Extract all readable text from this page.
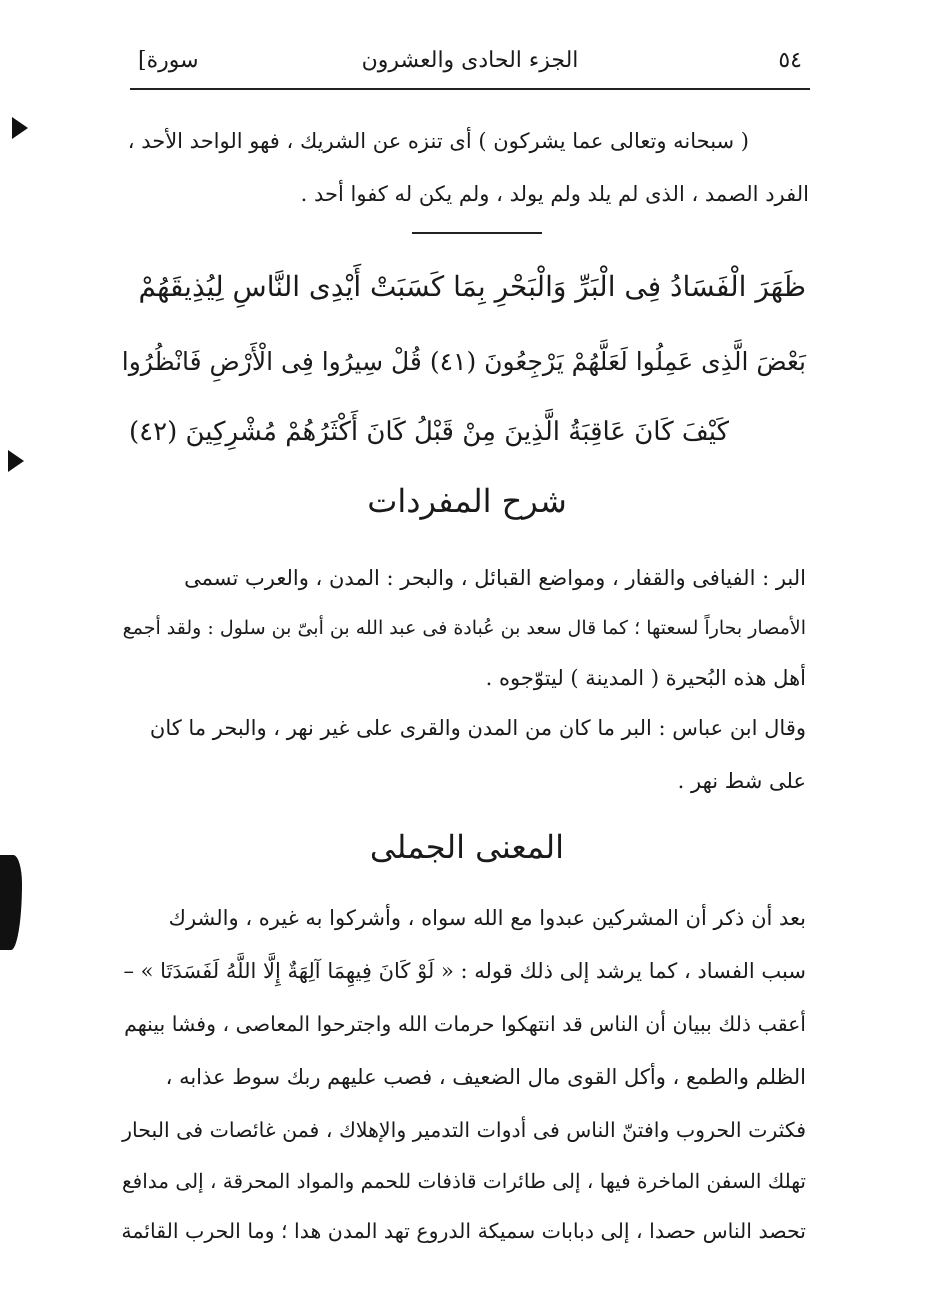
[سورة	الجزء الحادى والعشرون	٥٤
( سبحانه وتعالى عما يشركون ) أى تنزه عن الشريك ، فهو الواحد الأحد ،
الفرد الصمد ، الذى لم يلد ولم يولد ، ولم يكن له كفوا أحد .
ظَهَرَ الْفَسَادُ فِى الْبَرِّ وَالْبَحْرِ بِمَا كَسَبَتْ أَيْدِى النَّاسِ لِيُذِيقَهُمْ
بَعْضَ الَّذِى عَمِلُوا لَعَلَّهُمْ يَرْجِعُونَ (٤١) قُلْ سِيرُوا فِى الْأَرْضِ فَانْظُرُوا
كَيْفَ كَانَ عَاقِبَةُ الَّذِينَ مِنْ قَبْلُ كَانَ أَكْثَرُهُمْ مُشْرِكِينَ (٤٢)
شرح المفردات
البر : الفيافى والقفار ، ومواضع القبائل ، والبحر : المدن ، والعرب تسمى
الأمصار بحاراً لسعتها ؛ كما قال سعد بن عُبادة فى عبد الله بن أبىّ بن سلول : ولقد أجمع
أهل هذه البُحيرة ( المدينة ) ليتوّجوه .
وقال ابن عباس : البر ما كان من المدن والقرى على غير نهر ، والبحر ما كان
على شط نهر .
المعنى الجملى
بعد أن ذكر أن المشركين عبدوا مع الله سواه ، وأشركوا به غيره ، والشرك
سبب الفساد ، كما يرشد إلى ذلك قوله : « لَوْ كَانَ فِيهِمَا آلِهَةٌ إِلَّا اللَّهُ لَفَسَدَتَا » –
أعقب ذلك ببيان أن الناس قد انتهكوا حرمات الله واجترحوا المعاصى ، وفشا بينهم
الظلم والطمع ، وأكل القوى مال الضعيف ، فصب عليهم ربك سوط عذابه ،
فكثرت الحروب وافتنّ الناس فى أدوات التدمير والإهلاك ، فمن غائصات فى البحار
تهلك السفن الماخرة فيها ، إلى طائرات قاذفات للحمم والمواد المحرقة ، إلى مدافع
تحصد الناس حصدا ، إلى دبابات سميكة الدروع تهد المدن هدا ؛ وما الحرب القائمة
